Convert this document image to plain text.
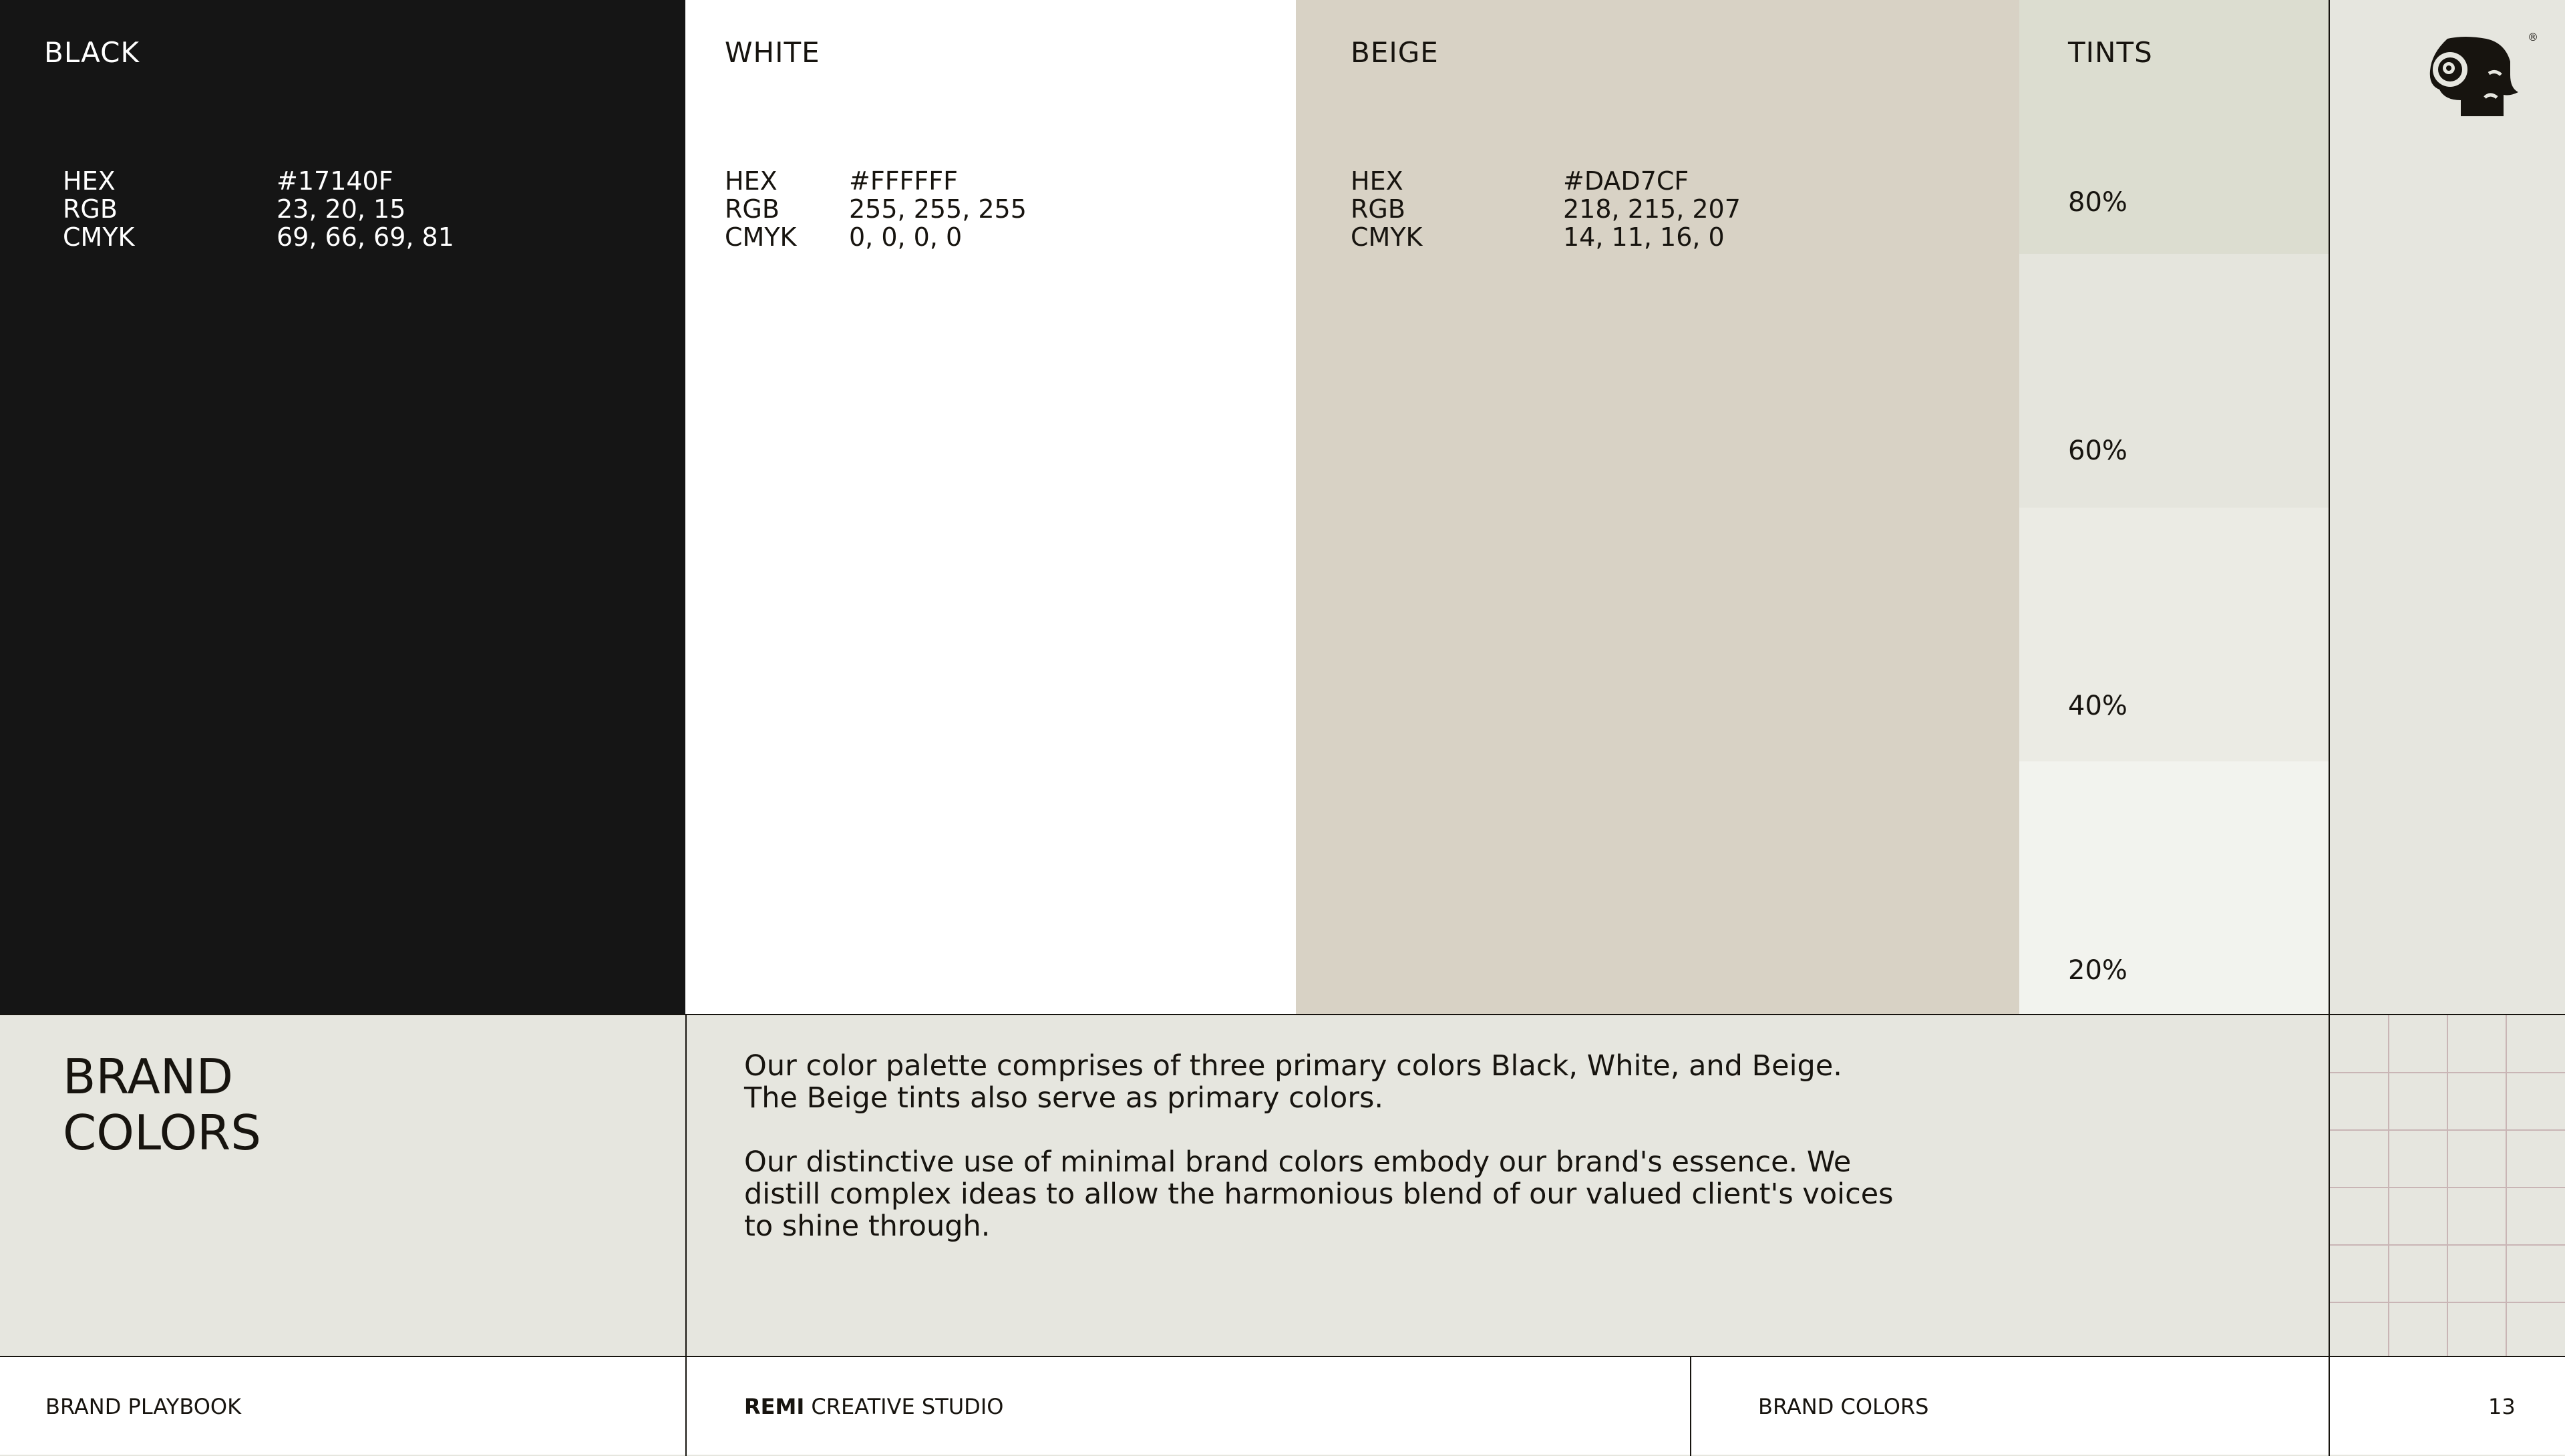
BLACK
HEX	#17140F
RGB	23, 20, 15
CMYK	69, 66, 69, 81
WHITE
HEX	#FFFFFF
RGB	255, 255, 255
CMYK	0, 0, 0, 0
BEIGE
HEX	#DAD7CF
RGB	218, 215, 207
CMYK	14, 11, 16, 0
80%
60%
40%
20%
TINTS	®
BRAND
COLORS

Our color palette comprises of three primary colors Black, White, and Beige.
The Beige tints also serve as primary colors.

Our distinctive use of minimal brand colors embody our brand's essence. We
distill complex ideas to allow the harmonious blend of our valued client's voices
to shine through.

BRAND PLAYBOOK	REMI CREATIVE STUDIO	BRAND COLORS	13
